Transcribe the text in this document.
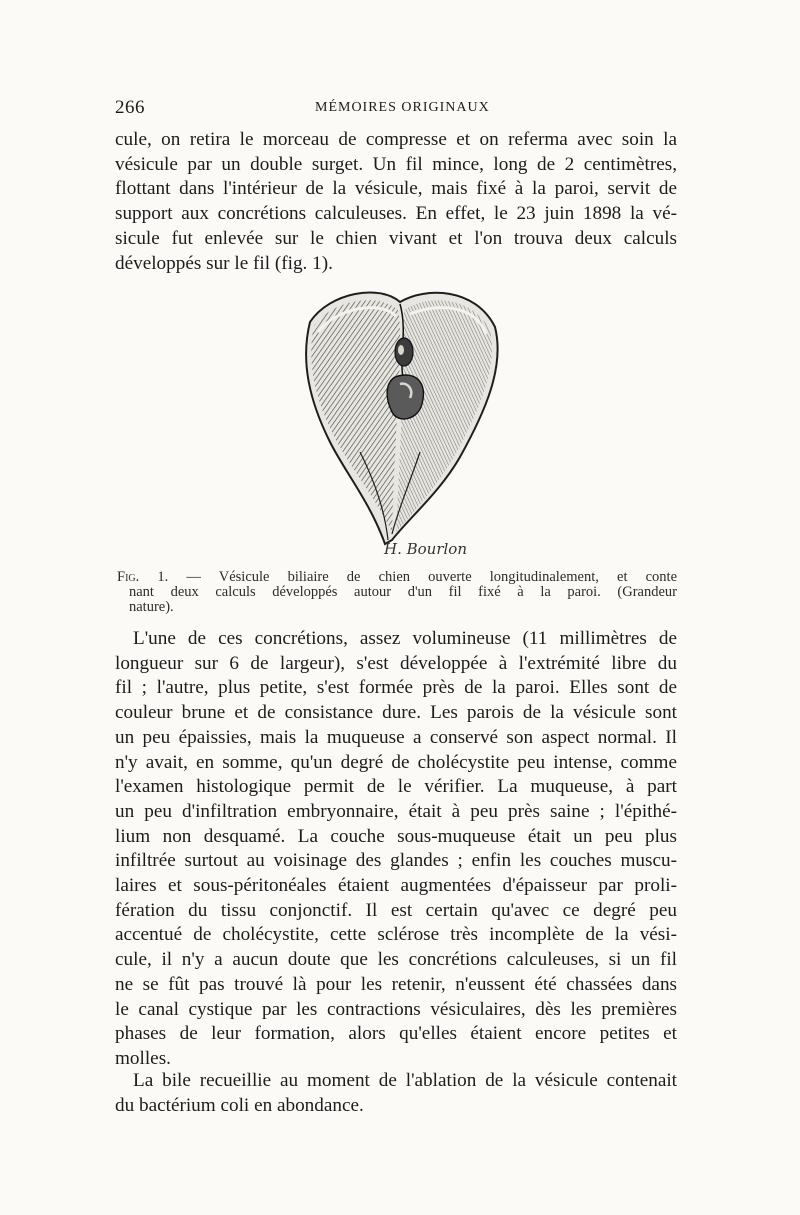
266	MÉMOIRES ORIGINAUX
cule, on retira le morceau de compresse et on referma avec soin la
vésicule par un double surget. Un fil mince, long de 2 centimètres,
flottant dans l'intérieur de la vésicule, mais fixé à la paroi, servit de
support aux concrétions calculeuses. En effet, le 23 juin 1898 la vé-
sicule fut enlevée sur le chien vivant et l'on trouva deux calculs
développés sur le fil (fig. 1).
H. Bourlon
Fig. 1. — Vésicule biliaire de chien ouverte longitudinalement, et conte
nant deux calculs développés autour d'un fil fixé à la paroi. (Grandeur
nature).
L'une de ces concrétions, assez volumineuse (11 millimètres de
longueur sur 6 de largeur), s'est développée à l'extrémité libre du
fil ; l'autre, plus petite, s'est formée près de la paroi. Elles sont de
couleur brune et de consistance dure. Les parois de la vésicule sont
un peu épaissies, mais la muqueuse a conservé son aspect normal. Il
n'y avait, en somme, qu'un degré de cholécystite peu intense, comme
l'examen histologique permit de le vérifier. La muqueuse, à part
un peu d'infiltration embryonnaire, était à peu près saine ; l'épithé-
lium non desquamé. La couche sous-muqueuse était un peu plus
infiltrée surtout au voisinage des glandes ; enfin les couches muscu-
laires et sous-péritonéales étaient augmentées d'épaisseur par proli-
fération du tissu conjonctif. Il est certain qu'avec ce degré peu
accentué de cholécystite, cette sclérose très incomplète de la vési-
cule, il n'y a aucun doute que les concrétions calculeuses, si un fil
ne se fût pas trouvé là pour les retenir, n'eussent été chassées dans
le canal cystique par les contractions vésiculaires, dès les premières
phases de leur formation, alors qu'elles étaient encore petites et
molles.
La bile recueillie au moment de l'ablation de la vésicule contenait
du bactérium coli en abondance.
